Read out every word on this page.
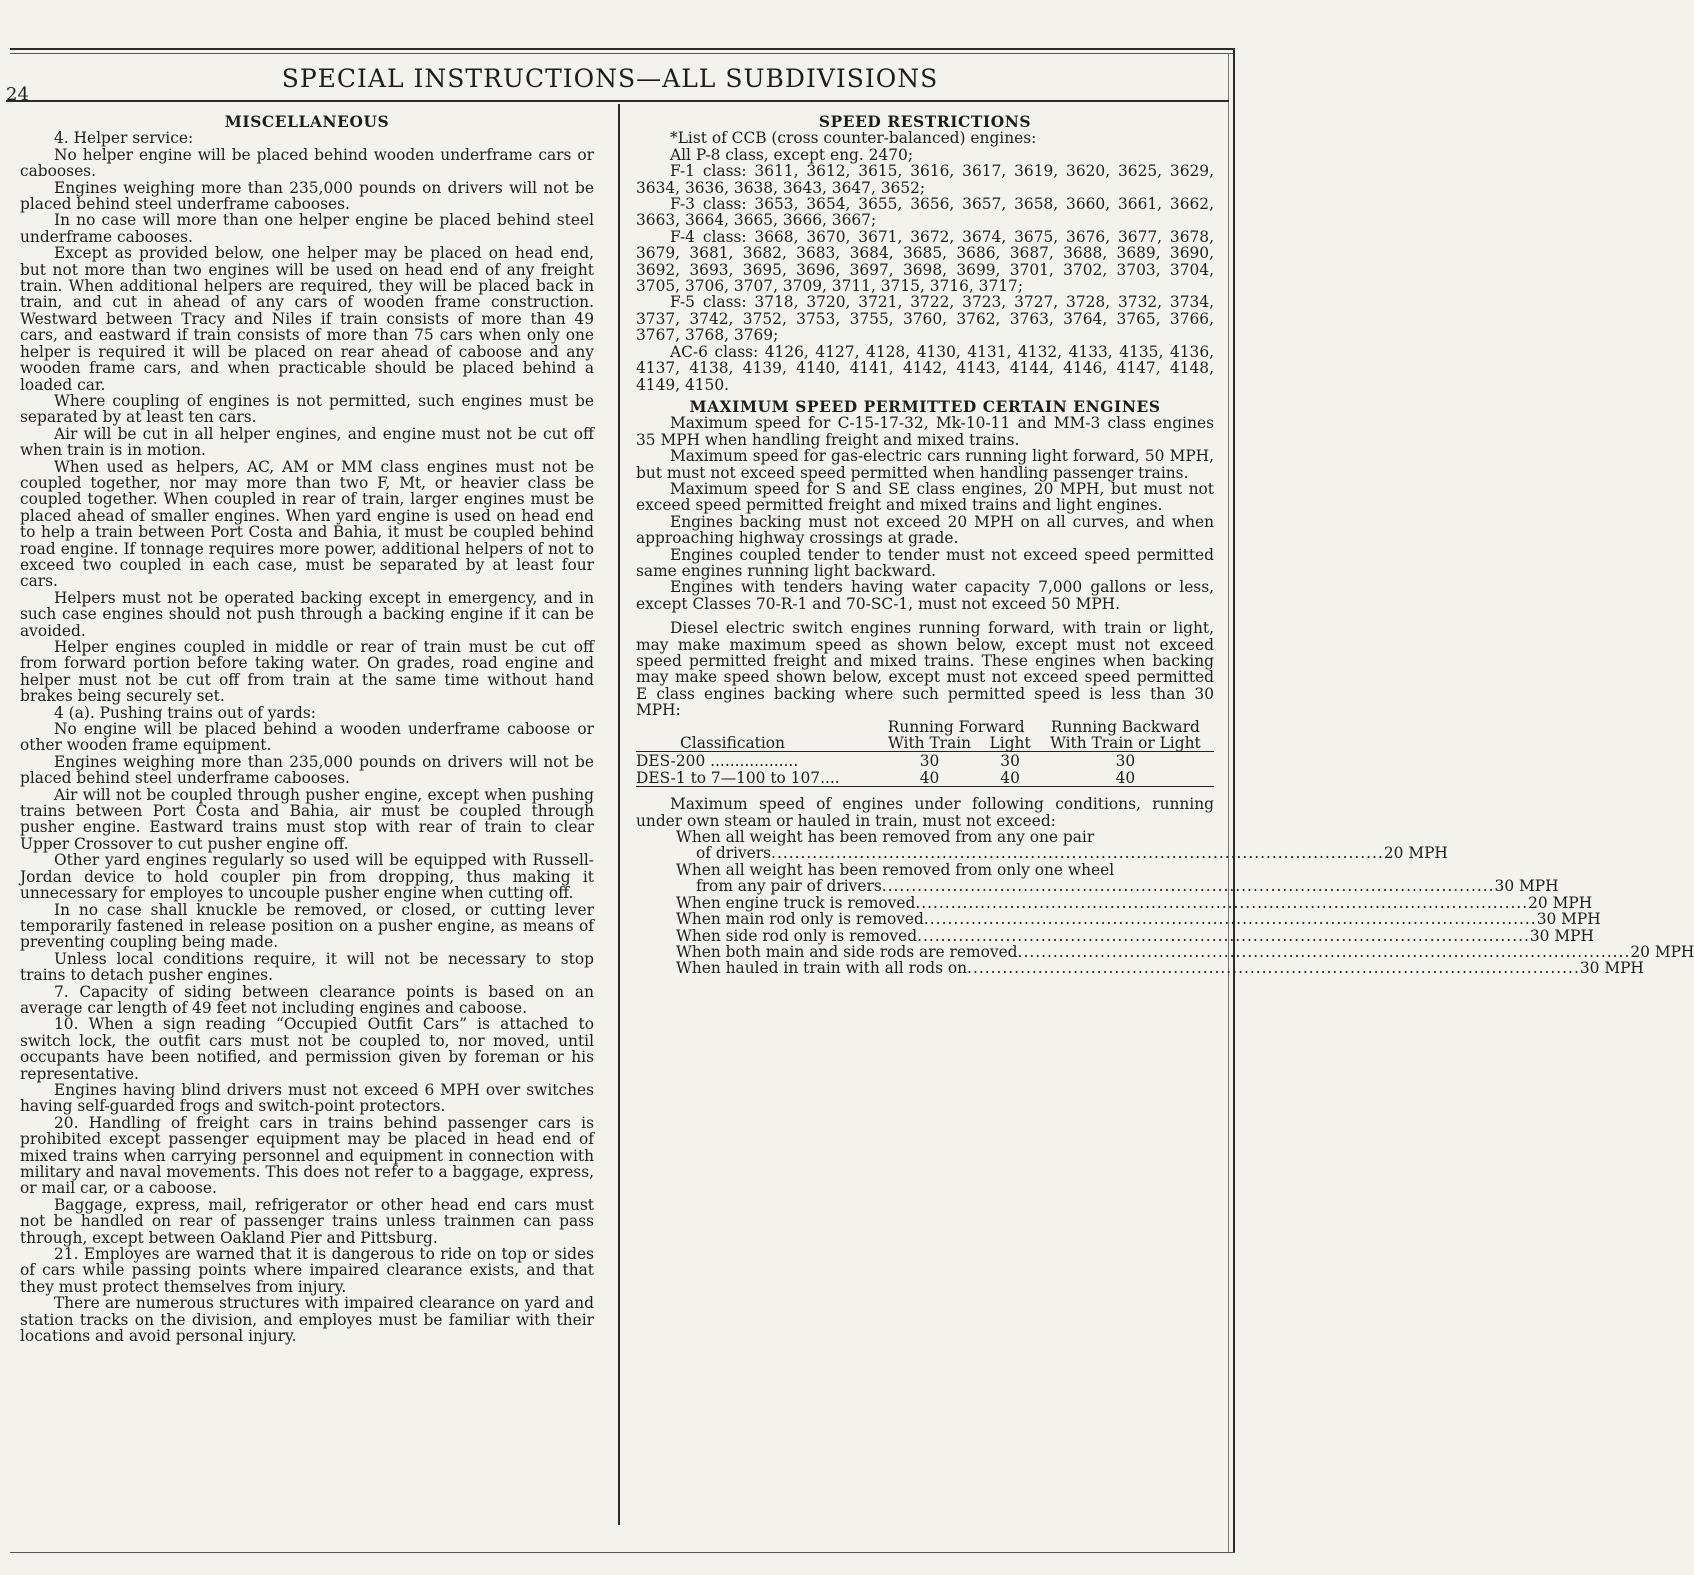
24
SPECIAL INSTRUCTIONS—ALL SUBDIVISIONS
MISCELLANEOUS

4. Helper service:

No helper engine will be placed behind wooden underframe cars or cabooses.

Engines weighing more than 235,000 pounds on drivers will not be placed behind steel underframe cabooses.

In no case will more than one helper engine be placed behind steel underframe cabooses.

Except as provided below, one helper may be placed on head end, but not more than two engines will be used on head end of any freight train. When additional helpers are required, they will be placed back in train, and cut in ahead of any cars of wooden frame construction. Westward between Tracy and Niles if train consists of more than 49 cars, and eastward if train consists of more than 75 cars when only one helper is required it will be placed on rear ahead of caboose and any wooden frame cars, and when practicable should be placed behind a loaded car.

Where coupling of engines is not permitted, such engines must be separated by at least ten cars.

Air will be cut in all helper engines, and engine must not be cut off when train is in motion.

When used as helpers, AC, AM or MM class engines must not be coupled together, nor may more than two F, Mt, or heavier class be coupled together. When coupled in rear of train, larger engines must be placed ahead of smaller engines. When yard engine is used on head end to help a train between Port Costa and Bahia, it must be coupled behind road engine. If tonnage requires more power, additional helpers of not to exceed two coupled in each case, must be separated by at least four cars.

Helpers must not be operated backing except in emergency, and in such case engines should not push through a backing engine if it can be avoided.

Helper engines coupled in middle or rear of train must be cut off from forward portion before taking water. On grades, road engine and helper must not be cut off from train at the same time without hand brakes being securely set.

4 (a). Pushing trains out of yards:

No engine will be placed behind a wooden underframe caboose or other wooden frame equipment.

Engines weighing more than 235,000 pounds on drivers will not be placed behind steel underframe cabooses.

Air will not be coupled through pusher engine, except when pushing trains between Port Costa and Bahia, air must be coupled through pusher engine. Eastward trains must stop with rear of train to clear Upper Crossover to cut pusher engine off.

Other yard engines regularly so used will be equipped with Russell-Jordan device to hold coupler pin from dropping, thus making it unnecessary for employes to uncouple pusher engine when cutting off.

In no case shall knuckle be removed, or closed, or cutting lever temporarily fastened in release position on a pusher engine, as means of preventing coupling being made.

Unless local conditions require, it will not be necessary to stop trains to detach pusher engines.

7. Capacity of siding between clearance points is based on an average car length of 49 feet not including engines and caboose.

10. When a sign reading “Occupied Outfit Cars” is attached to switch lock, the outfit cars must not be coupled to, nor moved, until occupants have been notified, and permission given by foreman or his representative.

Engines having blind drivers must not exceed 6 MPH over switches having self-guarded frogs and switch-point protectors.

20. Handling of freight cars in trains behind passenger cars is prohibited except passenger equipment may be placed in head end of mixed trains when carrying personnel and equipment in connection with military and naval movements. This does not refer to a baggage, express, or mail car, or a caboose.

Baggage, express, mail, refrigerator or other head end cars must not be handled on rear of passenger trains unless trainmen can pass through, except between Oakland Pier and Pittsburg.

21. Employes are warned that it is dangerous to ride on top or sides of cars while passing points where impaired clearance exists, and that they must protect themselves from injury.

There are numerous structures with impaired clearance on yard and station tracks on the division, and employes must be familiar with their locations and avoid personal injury.

SPEED RESTRICTIONS

*List of CCB (cross counter-balanced) engines:

All P-8 class, except eng. 2470;

F-1 class: 3611, 3612, 3615, 3616, 3617, 3619, 3620, 3625, 3629, 3634, 3636, 3638, 3643, 3647, 3652;

F-3 class: 3653, 3654, 3655, 3656, 3657, 3658, 3660, 3661, 3662, 3663, 3664, 3665, 3666, 3667;

F-4 class: 3668, 3670, 3671, 3672, 3674, 3675, 3676, 3677, 3678, 3679, 3681, 3682, 3683, 3684, 3685, 3686, 3687, 3688, 3689, 3690, 3692, 3693, 3695, 3696, 3697, 3698, 3699, 3701, 3702, 3703, 3704, 3705, 3706, 3707, 3709, 3711, 3715, 3716, 3717;

F-5 class: 3718, 3720, 3721, 3722, 3723, 3727, 3728, 3732, 3734, 3737, 3742, 3752, 3753, 3755, 3760, 3762, 3763, 3764, 3765, 3766, 3767, 3768, 3769;

AC-6 class: 4126, 4127, 4128, 4130, 4131, 4132, 4133, 4135, 4136, 4137, 4138, 4139, 4140, 4141, 4142, 4143, 4144, 4146, 4147, 4148, 4149, 4150.

MAXIMUM SPEED PERMITTED CERTAIN ENGINES

Maximum speed for C-15-17-32, Mk-10-11 and MM-3 class engines 35 MPH when handling freight and mixed trains.

Maximum speed for gas-electric cars running light forward, 50 MPH, but must not exceed speed permitted when handling passenger trains.

Maximum speed for S and SE class engines, 20 MPH, but must not exceed speed permitted freight and mixed trains and light engines.

Engines backing must not exceed 20 MPH on all curves, and when approaching highway crossings at grade.

Engines coupled tender to tender must not exceed speed permitted same engines running light backward.

Engines with tenders having water capacity 7,000 gallons or less, except Classes 70-R-1 and 70-SC-1, must not exceed 50 MPH.

Diesel electric switch engines running forward, with train or light, may make maximum speed as shown below, except must not exceed speed permitted freight and mixed trains. These engines when backing may make speed shown below, except must not exceed speed permitted E class engines backing where such permitted speed is less than 30 MPH:

	Running Forward		Running Backward
Classification	With Train	Light	With Train or Light

DES-200 ..................	30	30	30
DES-1 to 7—100 to 107....	40	40	40

Maximum speed of engines under following conditions, running under own steam or hauled in train, must not exceed:

When all weight has been removed from any one pair
of drivers ........................................................................................................ 20 MPH
When all weight has been removed from only one wheel
from any pair of drivers ........................................................................................................ 30 MPH
When engine truck is removed ........................................................................................................ 20 MPH
When main rod only is removed ........................................................................................................ 30 MPH
When side rod only is removed ........................................................................................................ 30 MPH
When both main and side rods are removed ........................................................................................................ 20 MPH
When hauled in train with all rods on ........................................................................................................ 30 MPH
